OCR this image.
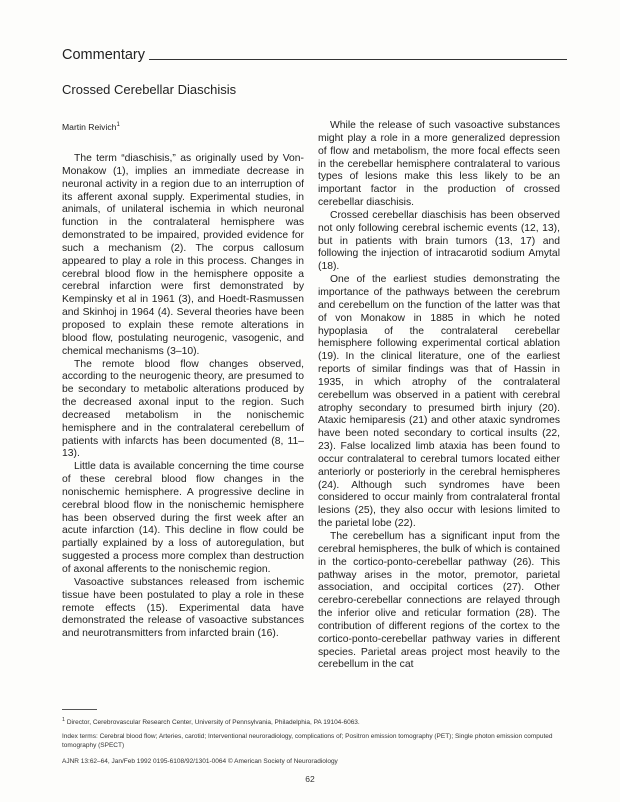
Commentary
Crossed Cerebellar Diaschisis
Martin Reivich$^1$

The term “diaschisis,” as originally used by Von-Monakow (1), implies an immediate decrease in neuronal activity in a region due to an interruption of its afferent axonal supply. Experimental studies, in animals, of unilateral ischemia in which neuronal function in the contralateral hemisphere was demonstrated to be impaired, provided evidence for such a mechanism (2). The corpus callosum appeared to play a role in this process. Changes in cerebral blood flow in the hemisphere opposite a cerebral infarction were first demonstrated by Kempinsky et al in 1961 (3), and Hoedt-Rasmussen and Skinhoj in 1964 (4). Several theories have been proposed to explain these remote alterations in blood flow, postulating neurogenic, vasogenic, and chemical mechanisms (3–10).

The remote blood flow changes observed, according to the neurogenic theory, are presumed to be secondary to metabolic alterations produced by the decreased axonal input to the region. Such decreased metabolism in the nonischemic hemisphere and in the contralateral cerebellum of patients with infarcts has been documented (8, 11–13).

Little data is available concerning the time course of these cerebral blood flow changes in the nonischemic hemisphere. A progressive decline in cerebral blood flow in the nonischemic hemisphere has been observed during the first week after an acute infarction (14). This decline in flow could be partially explained by a loss of autoregulation, but suggested a process more complex than destruction of axonal afferents to the nonischemic region.

Vasoactive substances released from ischemic tissue have been postulated to play a role in these remote effects (15). Experimental data have demonstrated the release of vasoactive substances and neurotransmitters from infarcted brain (16).

While the release of such vasoactive substances might play a role in a more generalized depression of flow and metabolism, the more focal effects seen in the cerebellar hemisphere contralateral to various types of lesions make this less likely to be an important factor in the production of crossed cerebellar diaschisis.

Crossed cerebellar diaschisis has been observed not only following cerebral ischemic events (12, 13), but in patients with brain tumors (13, 17) and following the injection of intracarotid sodium Amytal (18).

One of the earliest studies demonstrating the importance of the pathways between the cerebrum and cerebellum on the function of the latter was that of von Monakow in 1885 in which he noted hypoplasia of the contralateral cerebellar hemisphere following experimental cortical ablation (19). In the clinical literature, one of the earliest reports of similar findings was that of Hassin in 1935, in which atrophy of the contralateral cerebellum was observed in a patient with cerebral atrophy secondary to presumed birth injury (20). Ataxic hemiparesis (21) and other ataxic syndromes have been noted secondary to cortical insults (22, 23). False localized limb ataxia has been found to occur contralateral to cerebral tumors located either anteriorly or posteriorly in the cerebral hemispheres (24). Although such syndromes have been considered to occur mainly from contralateral frontal lesions (25), they also occur with lesions limited to the parietal lobe (22).

The cerebellum has a significant input from the cerebral hemispheres, the bulk of which is contained in the cortico-ponto-cerebellar pathway (26). This pathway arises in the motor, premotor, parietal association, and occipital cortices (27). Other cerebro-cerebellar connections are relayed through the inferior olive and reticular formation (28). The contribution of different regions of the cortex to the cortico-ponto-cerebellar pathway varies in different species. Parietal areas project most heavily to the cerebellum in the cat

$^1$ Director, Cerebrovascular Research Center, University of Pennsylvania, Philadelphia, PA 19104-6063.
Index terms: Cerebral blood flow; Arteries, carotid; Interventional neuroradiology, complications of; Positron emission tomography (PET); Single photon emission computed tomography (SPECT)
AJNR 13:62–64, Jan/Feb 1992 0195-6108/92/1301-0064 © American Society of Neuroradiology
62
